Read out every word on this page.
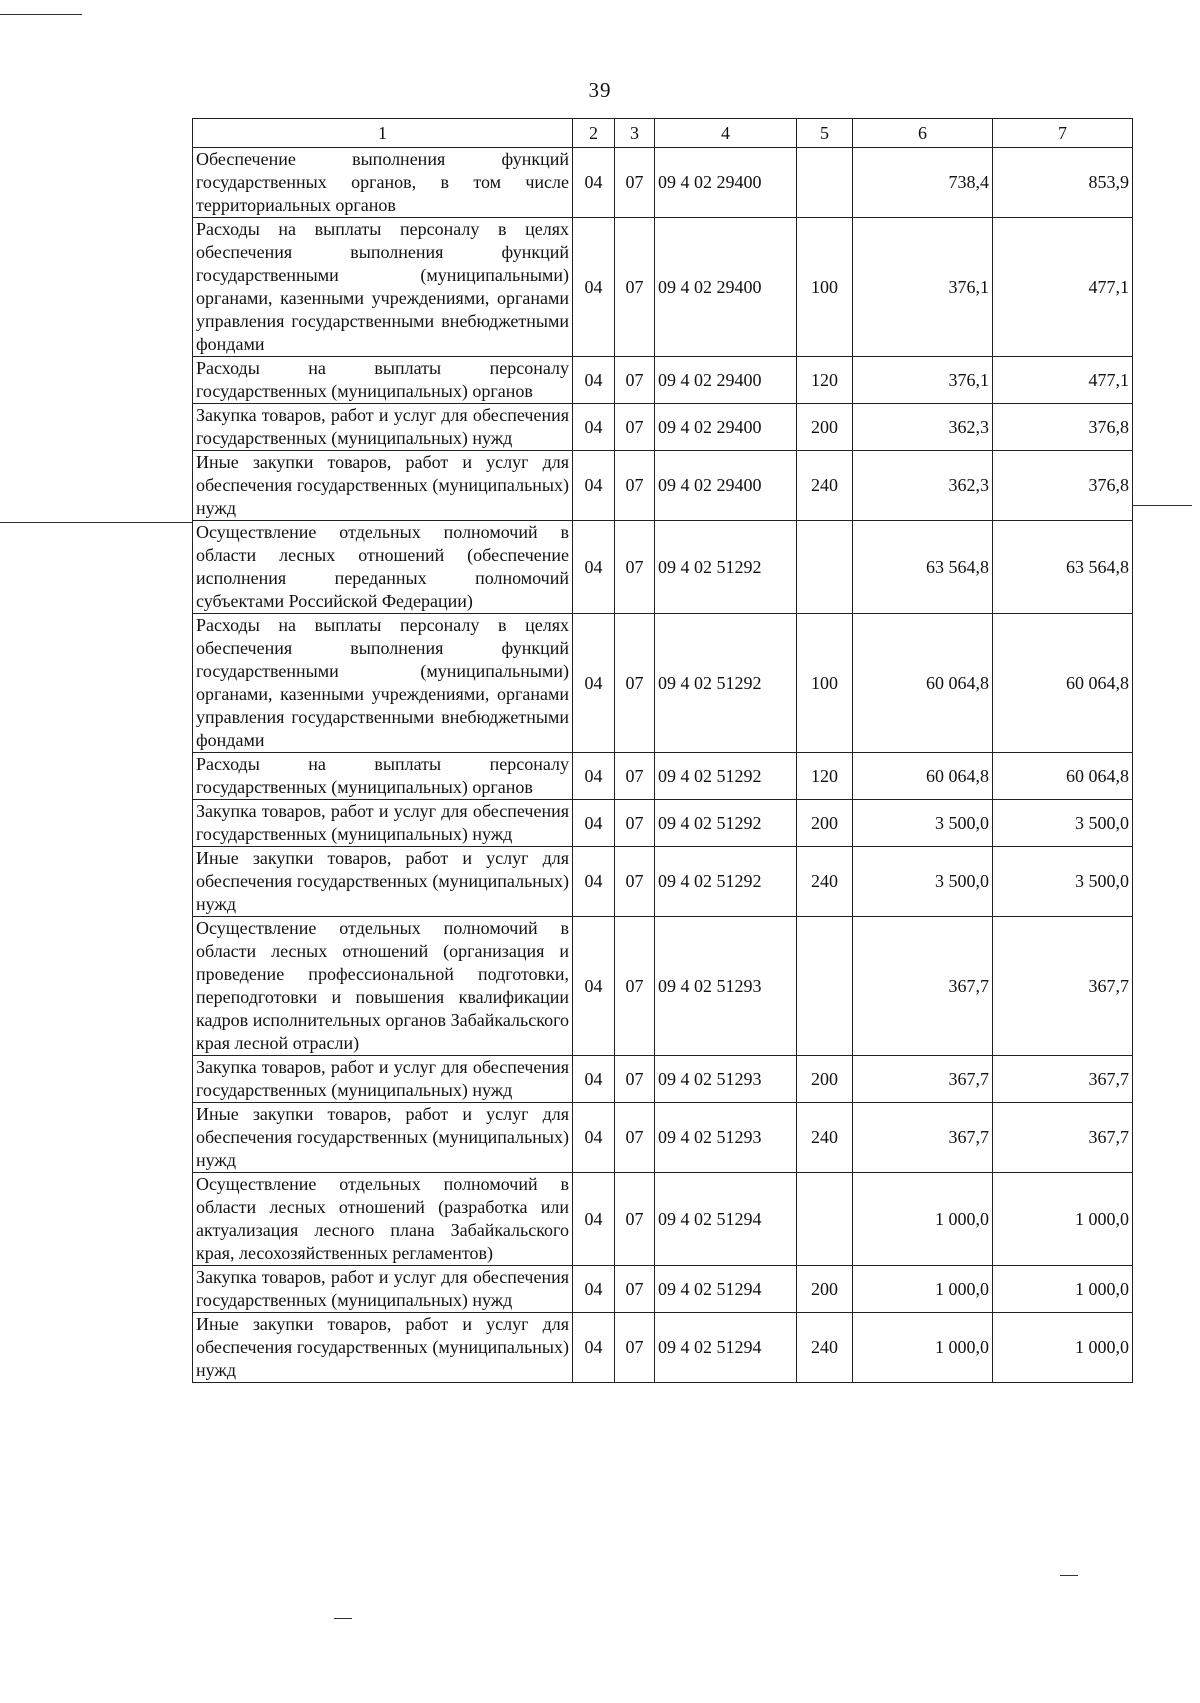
39
1	2	3	4	5	6	7
Обеспечение выполнения функций государственных органов, в том числе территориальных органов	04	07	09 4 02 29400		738,4	853,9
Расходы на выплаты персоналу в целях обеспечения выполнения функций государственными (муниципальными) органами, казенными учреждениями, органами управления государственными внебюджетными фондами	04	07	09 4 02 29400	100	376,1	477,1
Расходы на выплаты персоналу государственных (муниципальных) органов	04	07	09 4 02 29400	120	376,1	477,1
Закупка товаров, работ и услуг для обеспечения государственных (муниципальных) нужд	04	07	09 4 02 29400	200	362,3	376,8
Иные закупки товаров, работ и услуг для обеспечения государственных (муниципальных) нужд	04	07	09 4 02 29400	240	362,3	376,8
Осуществление отдельных полномочий в области лесных отношений (обеспечение исполнения переданных полномочий субъектами Российской Федерации)	04	07	09 4 02 51292		63 564,8	63 564,8
Расходы на выплаты персоналу в целях обеспечения выполнения функций государственными (муниципальными) органами, казенными учреждениями, органами управления государственными внебюджетными фондами	04	07	09 4 02 51292	100	60 064,8	60 064,8
Расходы на выплаты персоналу государственных (муниципальных) органов	04	07	09 4 02 51292	120	60 064,8	60 064,8
Закупка товаров, работ и услуг для обеспечения государственных (муниципальных) нужд	04	07	09 4 02 51292	200	3 500,0	3 500,0
Иные закупки товаров, работ и услуг для обеспечения государственных (муниципальных) нужд	04	07	09 4 02 51292	240	3 500,0	3 500,0
Осуществление отдельных полномочий в области лесных отношений (организация и проведение профессиональной подготовки, переподготовки и повышения квалификации кадров исполнительных органов Забайкальского края лесной отрасли)	04	07	09 4 02 51293		367,7	367,7
Закупка товаров, работ и услуг для обеспечения государственных (муниципальных) нужд	04	07	09 4 02 51293	200	367,7	367,7
Иные закупки товаров, работ и услуг для обеспечения государственных (муниципальных) нужд	04	07	09 4 02 51293	240	367,7	367,7
Осуществление отдельных полномочий в области лесных отношений (разработка или актуализация лесного плана Забайкальского края, лесохозяйственных регламентов)	04	07	09 4 02 51294		1 000,0	1 000,0
Закупка товаров, работ и услуг для обеспечения государственных (муниципальных) нужд	04	07	09 4 02 51294	200	1 000,0	1 000,0
Иные закупки товаров, работ и услуг для обеспечения государственных (муниципальных) нужд	04	07	09 4 02 51294	240	1 000,0	1 000,0
